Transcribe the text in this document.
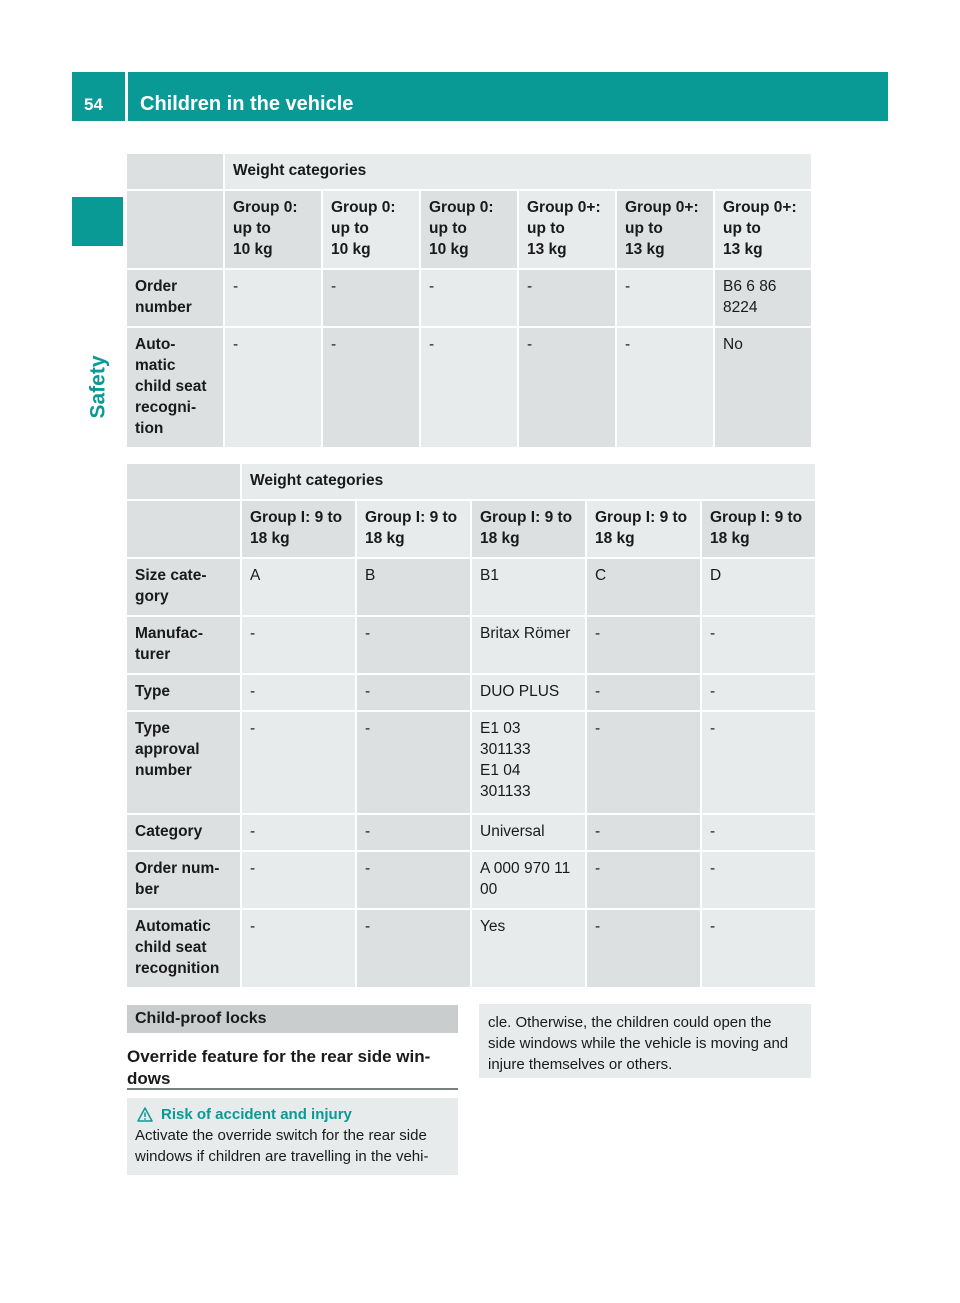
54	Children in the vehicle
Safety
	Weight categories					
	Group 0:
up to
10 kg	Group 0:
up to
10 kg	Group 0:
up to
10 kg	Group 0+:
up to
13 kg	Group 0+:
up to
13 kg	Group 0+:
up to
13 kg
Order
number	-	-	-	-	-	B6 6 86
8224
Auto-
matic
child seat
recogni-
tion	-	-	-	-	-	No
	Weight categories				
	Group I: 9 to
18 kg	Group I: 9 to
18 kg	Group I: 9 to
18 kg	Group I: 9 to
18 kg	Group I: 9 to
18 kg
Size cate-
gory	A	B	B1	C	D
Manufac-
turer	-	-	Britax Römer	-	-
Type	-	-	DUO PLUS	-	-
Type
approval
number	-	-	E1 03
301133
E1 04
301133	-	-
Category	-	-	Universal	-	-
Order num-
ber	-	-	A 000 970 11
00	-	-
Automatic
child seat
recognition	-	-	Yes	-	-
Child-proof locks
Override feature for the rear side win-
dows
Risk of accident and injury
Activate the override switch for the rear side
windows if children are travelling in the vehi-
cle. Otherwise, the children could open the
side windows while the vehicle is moving and
injure themselves or others.
